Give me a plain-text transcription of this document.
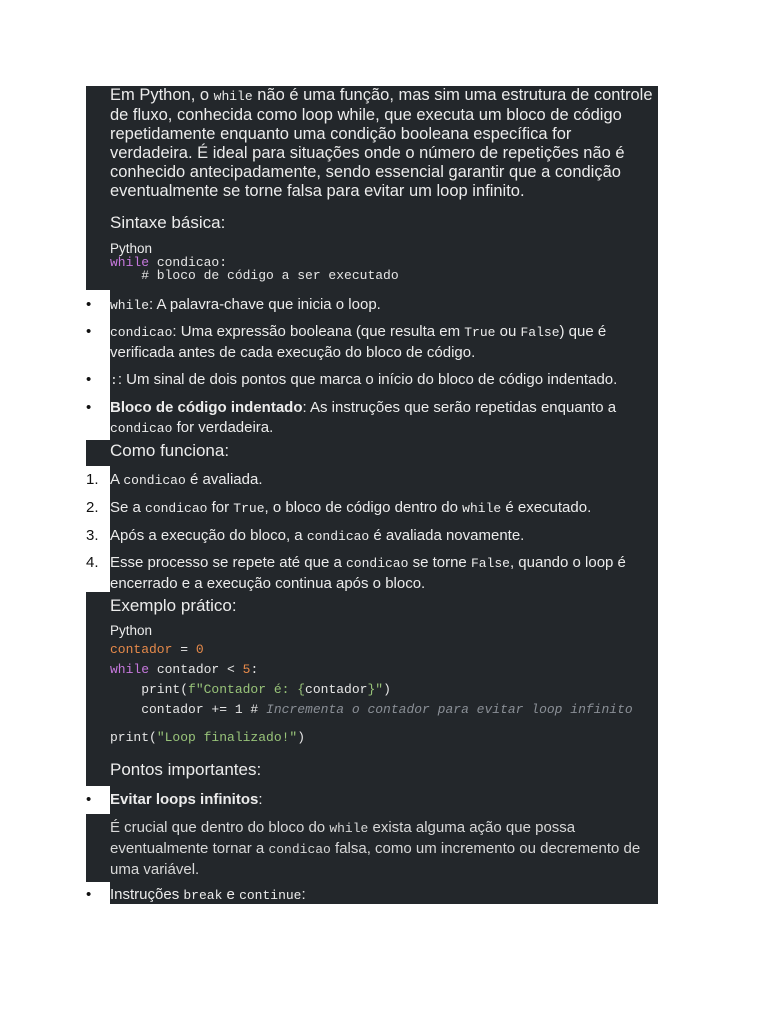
Em Python, o while não é uma função, mas sim uma estrutura de controle de fluxo, conhecida como loop while, que executa um bloco de código repetidamente enquanto uma condição booleana específica for verdadeira. É ideal para situações onde o número de repetições não é conhecido antecipadamente, sendo essencial garantir que a condição eventualmente se torne falsa para evitar um loop infinito.
Sintaxe básica:
Python
while condicao:
# bloco de código a ser executado
•	while: A palavra-chave que inicia o loop.
•	condicao: Uma expressão booleana (que resulta em True ou False) que é verificada antes de cada execução do bloco de código.
•	:: Um sinal de dois pontos que marca o início do bloco de código indentado.
•	Bloco de código indentado: As instruções que serão repetidas enquanto a condicao for verdadeira.
Como funciona:
1. A condicao é avaliada.
2. Se a condicao for True, o bloco de código dentro do while é executado.
3. Após a execução do bloco, a condicao é avaliada novamente.
4. Esse processo se repete até que a condicao se torne False, quando o loop é encerrado e a execução continua após o bloco.
Exemplo prático:
Python
contador = 0
while contador < 5:
print(f"Contador é: {contador}")
contador += 1 # Incrementa o contador para evitar loop infinito
print("Loop finalizado!")
Pontos importantes:
•	Evitar loops infinitos:
É crucial que dentro do bloco do while exista alguma ação que possa eventualmente tornar a condicao falsa, como um incremento ou decremento de uma variável.
•	Instruções break e continue:
